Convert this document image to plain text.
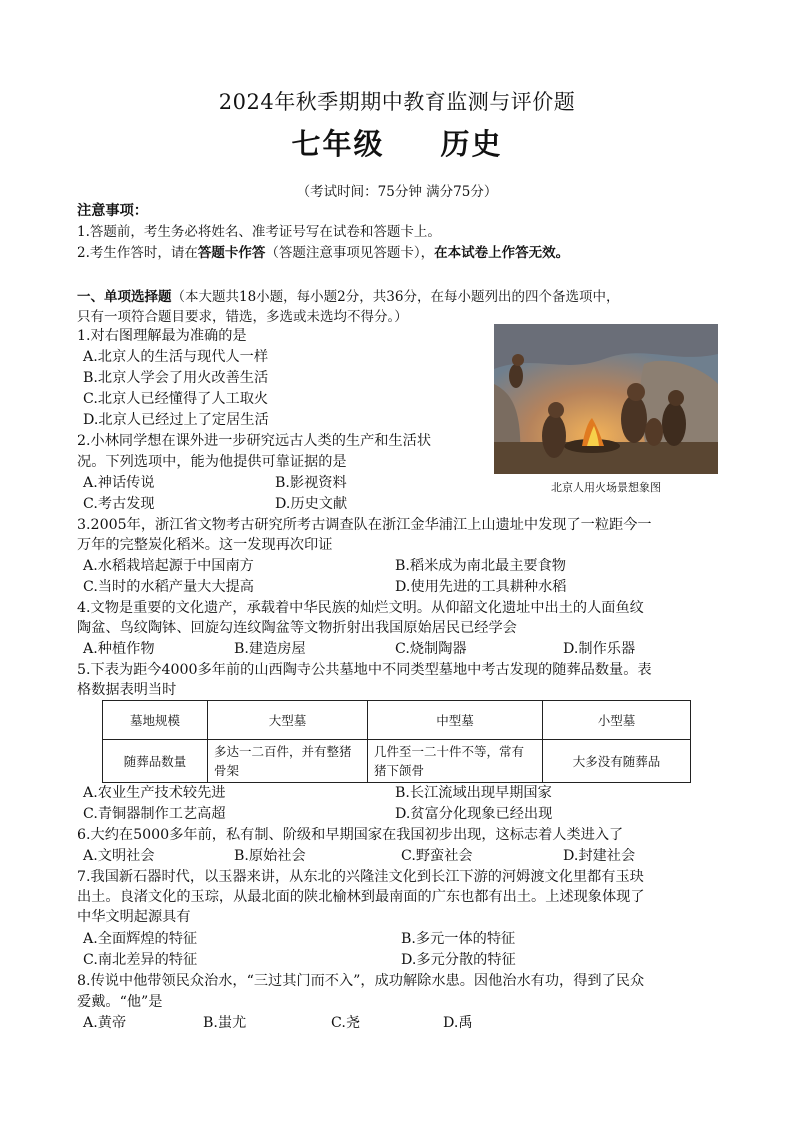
2024年秋季期期中教育监测与评价题
七年级 历史
（考试时间：75分钟 满分75分）
注意事项：
1.答题前，考生务必将姓名、准考证号写在试卷和答题卡上。
2.考生作答时，请在答题卡作答（答题注意事项见答题卡），在本试卷上作答无效。
一、单项选择题（本大题共18小题，每小题2分，共36分，在每小题列出的四个备选项中，
只有一项符合题目要求，错选，多选或未选均不得分。）
北京人用火场景想象图
1.对右图理解最为准确的是
A.北京人的生活与现代人一样
B.北京人学会了用火改善生活
C.北京人已经懂得了人工取火
D.北京人已经过上了定居生活
2.小林同学想在课外进一步研究远古人类的生产和生活状
况。下列选项中，能为他提供可靠证据的是
A.神话传说	B.影视资料
C.考古发现	D.历史文献
3.2005年，浙江省文物考古研究所考古调查队在浙江金华浦江上山遗址中发现了一粒距今一
万年的完整炭化稻米。这一发现再次印证
A.水稻栽培起源于中国南方	B.稻米成为南北最主要食物
C.当时的水稻产量大大提高	D.使用先进的工具耕种水稻
4.文物是重要的文化遗产，承载着中华民族的灿烂文明。从仰韶文化遗址中出土的人面鱼纹
陶盆、鸟纹陶钵、回旋勾连纹陶盆等文物折射出我国原始居民已经学会
A.种植作物	B.建造房屋	C.烧制陶器	D.制作乐器
5.下表为距今4000多年前的山西陶寺公共墓地中不同类型墓地中考古发现的随葬品数量。表
格数据表明当时
墓地规模	大型墓	中型墓	小型墓
随葬品数量	多达一二百件，并有整猪骨架	几件至一二十件不等，常有猪下颌骨	大多没有随葬品
A.农业生产技术较先进	B.长江流域出现早期国家
C.青铜器制作工艺高超	D.贫富分化现象已经出现
6.大约在5000多年前，私有制、阶级和早期国家在我国初步出现，这标志着人类进入了
A.文明社会	B.原始社会	C.野蛮社会	D.封建社会
7.我国新石器时代，以玉器来讲，从东北的兴隆洼文化到长江下游的河姆渡文化里都有玉玦
出土。良渚文化的玉琮，从最北面的陕北榆林到最南面的广东也都有出土。上述现象体现了
中华文明起源具有
A.全面辉煌的特征	B.多元一体的特征
C.南北差异的特征	D.多元分散的特征
8.传说中他带领民众治水，“三过其门而不入”，成功解除水患。因他治水有功，得到了民众
爱戴。“他”是
A.黄帝	B.蚩尤	C.尧	D.禹
